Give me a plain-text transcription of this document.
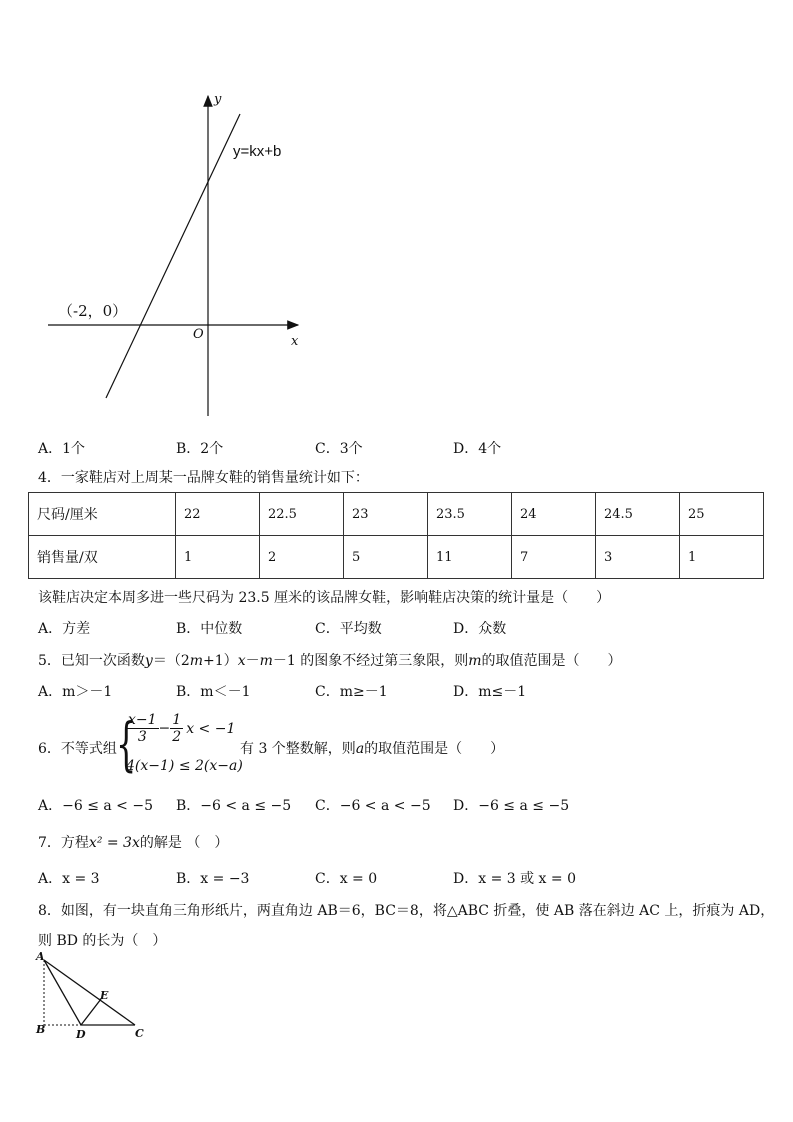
y
y=kx+b
（-2，0）
O	x
A．1个	B．2个	C．3个	D．4个
4．一家鞋店对上周某一品牌女鞋的销售量统计如下：
尺码/厘米	22	22.5	23	23.5	24	24.5	25
销售量/双	1	2	5	11	7	3	1
该鞋店决定本周多进一些尺码为 23.5 厘米的该品牌女鞋，影响鞋店决策的统计量是（　　）
A．方差	B．中位数	C．平均数	D．众数
5．已知一次函数y＝（2m+1）x－m－1 的图象不经过第三象限，则m的取值范围是（　　）
A．m＞－1	B．m＜－1	C．m≥－1	D．m≤－1
6．不等式组 {
$\frac{x-1}{3} - \frac{1}{2}$ x < −1
4(x−1) ≤ 2(x−a)
有 3 个整数解，则a的取值范围是（　　）
A．−6 ≤ a < −5 B．−6 < a ≤ −5 C．−6 < a < −5 D．−6 ≤ a ≤ −5
7．方程x² = 3x的解是 （　）
A．x = 3	B．x = −3	C．x = 0	D．x = 3 或 x = 0
8．如图，有一块直角三角形纸片，两直角边 AB＝6，BC＝8，将△ABC 折叠，使 AB 落在斜边 AC 上，折痕为 AD，
则 BD 的长为（　）
A
B	D	C
E
